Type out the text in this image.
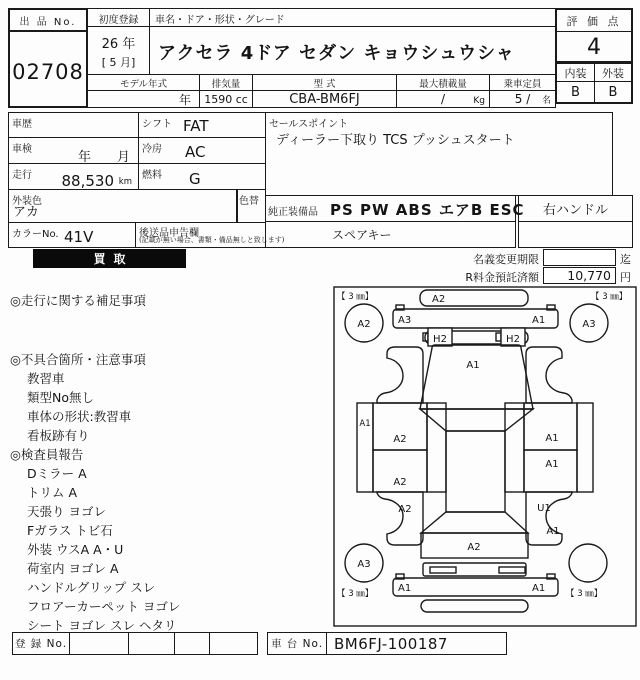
出 品 No.
02708
初度登録
26 年
[ 5 月]
車名・ドア・形状・グレード
アクセラ 4ドア セダン キョウシュウシャ
評 価 点
4
内装	外装
B	B
モデル年式
年
排気量
1590 cc
型 式
CBA-BM6FJ
最大積載量
/	Kg
乗車定員
5 / 名
車歴
車検
年　　月
走行 88,530 km
シフト FAT
冷房 AC
燃料 G
外装色
アカ
色替
カラーNo. 41V	後送品申告欄
(記載が無い場合、書類・備品無しと致します)
セールスポイント
ディーラー下取り TCS プッシュスタート
純正装備品 PS PW ABS エアB ESC 右ハンドル
スペアキー
買取	名義変更期限	迄
R料金預託済額	10,770 円
◎走行に関する補足事項
◎不具合箇所・注意事項
教習車
類型No無し
車体の形状:教習車
看板跡有り
◎検査員報告
Dミラー A
トリム A
天張り ヨゴレ
Fガラス トビ石
外装 ウスA A・U
荷室内 ヨゴレ A
ハンドルグリップ スレ
フロアーカーペット ヨゴレ
シート ヨゴレ スレ ヘタリ
【 3 ㎜】	【 3 ㎜】
【 3 ㎜】	【 3 ㎜】
A2	A3
A3
A2
A3	A1
H2	H2
A1
A1
A2
A2
A1
A1
A2	U1
A1
A2
A1	A1
登 録 No.	車 台 No. BM6FJ-100187
